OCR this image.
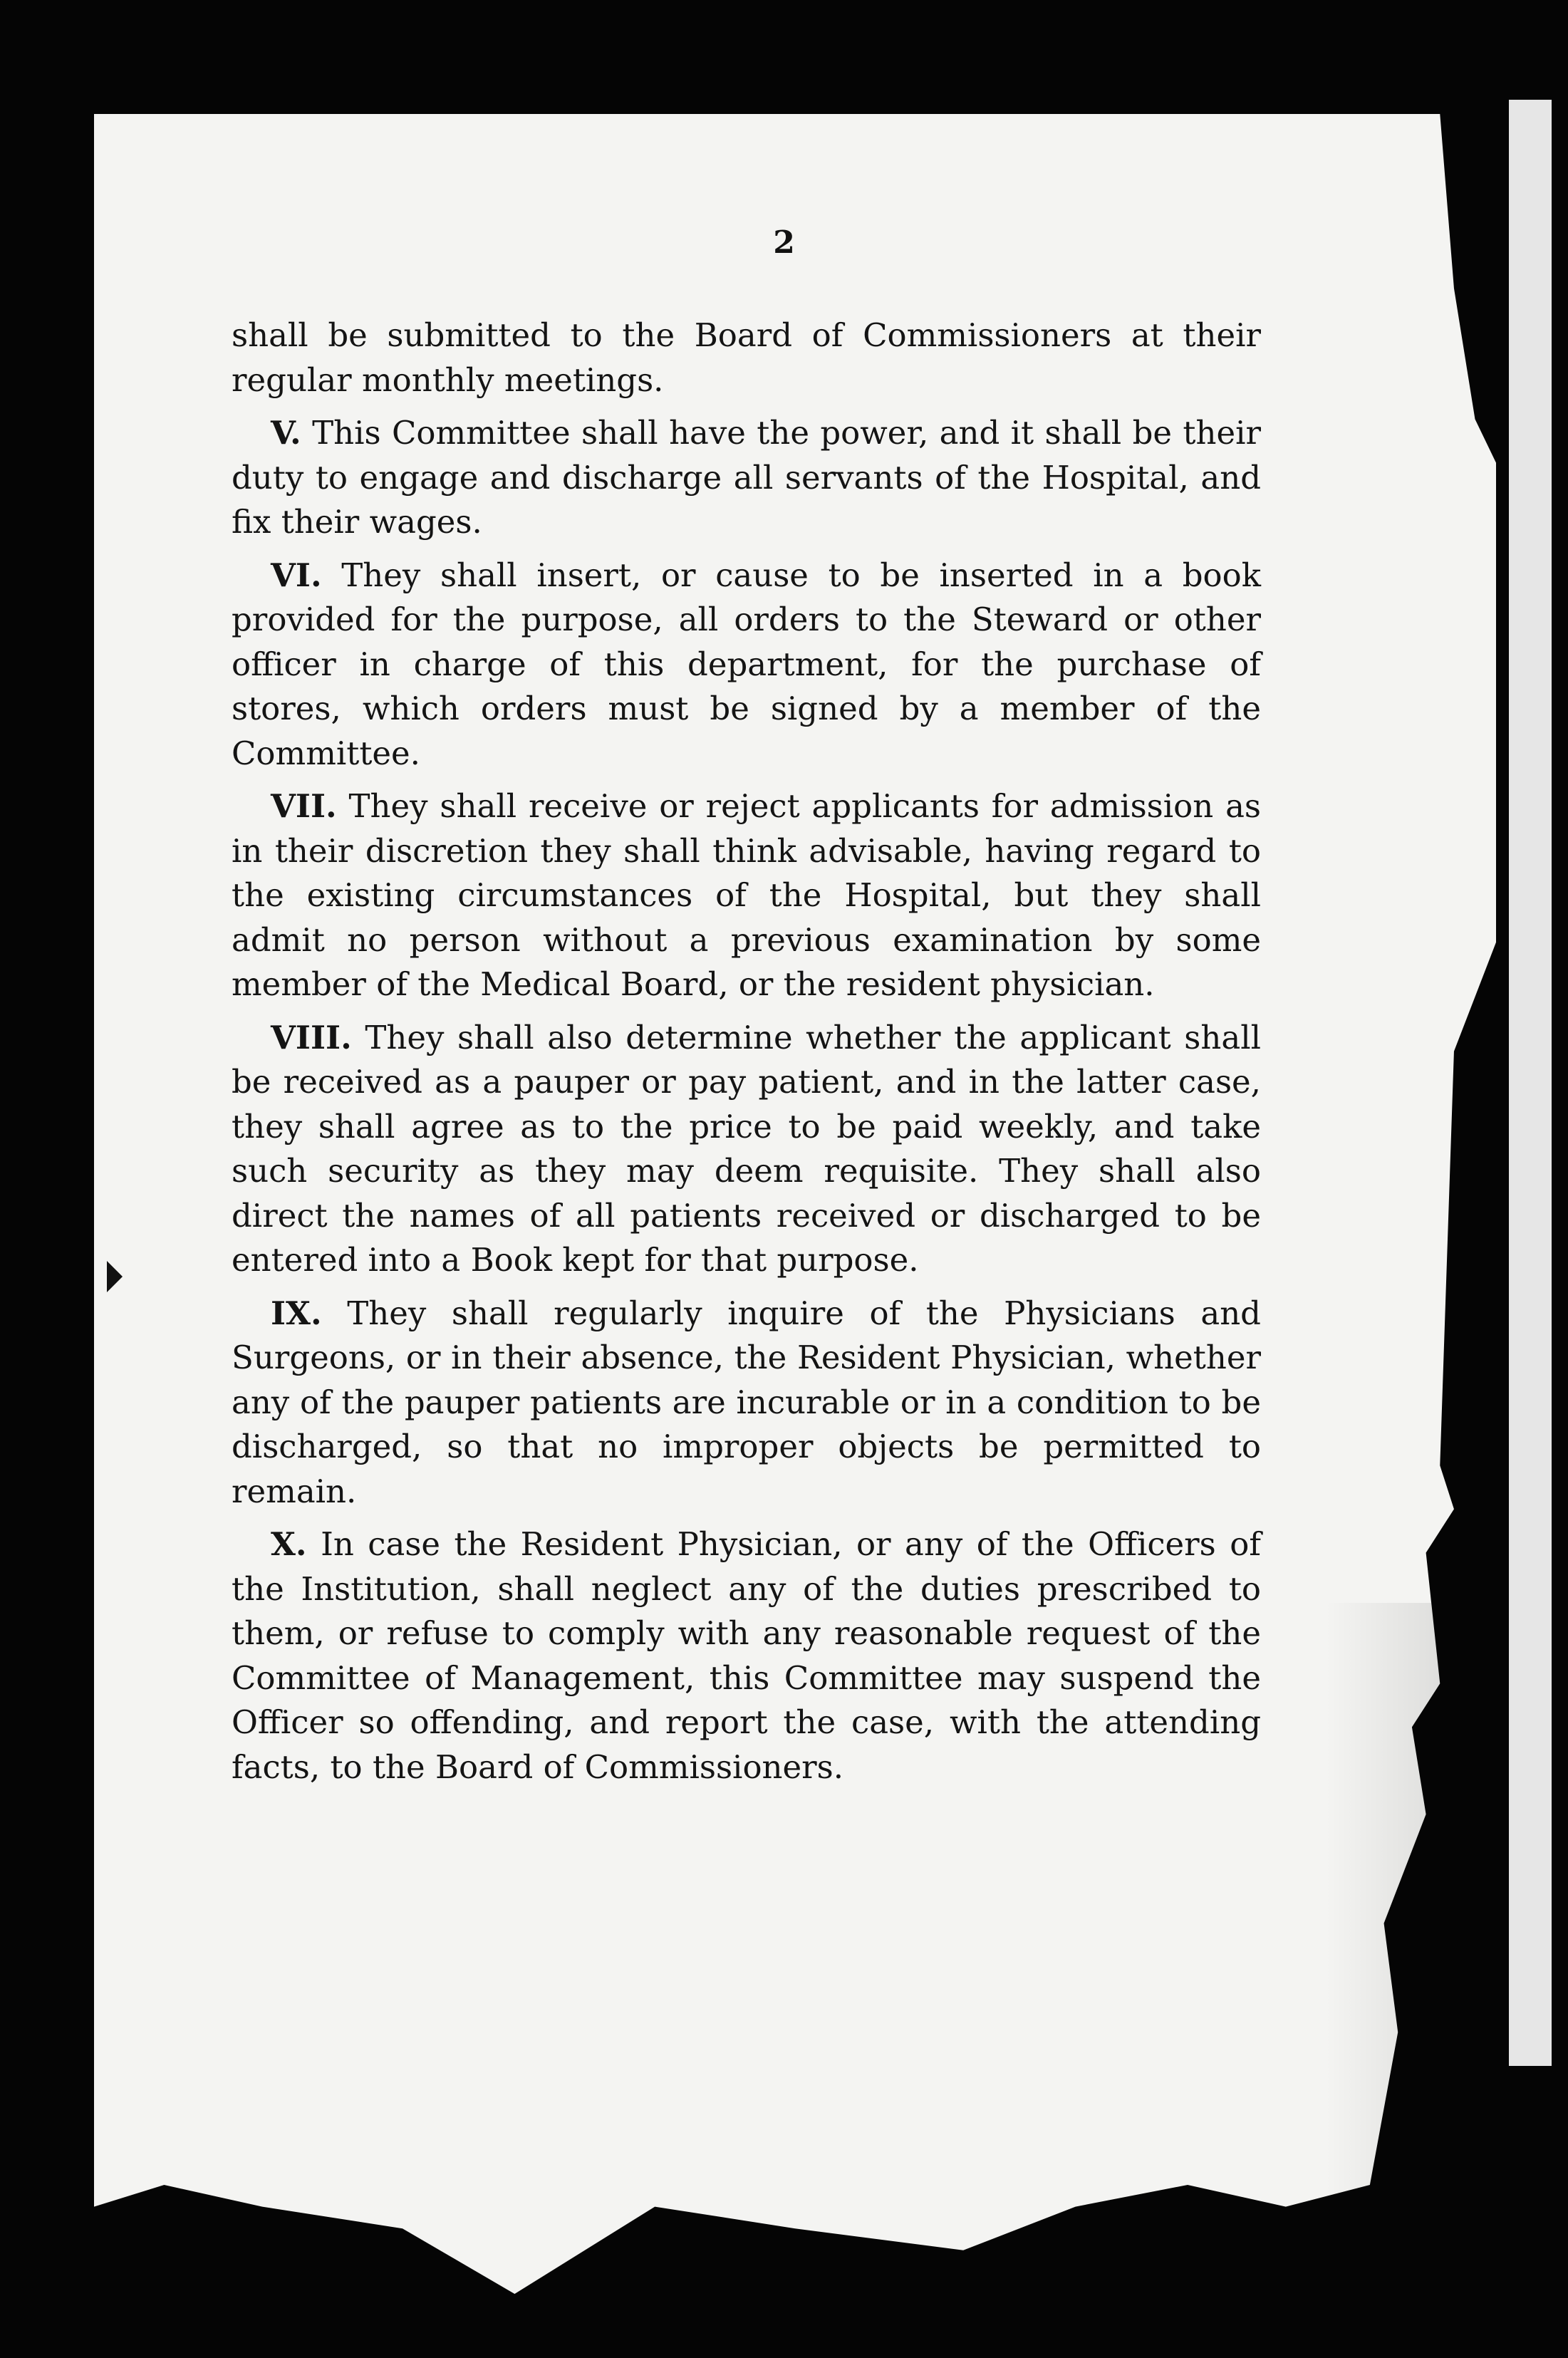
2

shall be submitted to the Board of Commissioners at their regular monthly meetings.

V. This Committee shall have the power, and it shall be their duty to engage and discharge all servants of the Hospital, and fix their wages.

VI. They shall insert, or cause to be inserted in a book provided for the purpose, all orders to the Steward or other officer in charge of this department, for the purchase of stores, which orders must be signed by a member of the Committee.

VII. They shall receive or reject applicants for admission as in their discretion they shall think advisable, having regard to the existing circumstances of the Hospital, but they shall admit no person without a previous examination by some member of the Medical Board, or the resident physician.

VIII. They shall also determine whether the applicant shall be received as a pauper or pay patient, and in the latter case, they shall agree as to the price to be paid weekly, and take such security as they may deem requisite. They shall also direct the names of all patients received or discharged to be entered into a Book kept for that purpose.

IX. They shall regularly inquire of the Physicians and Surgeons, or in their absence, the Resident Physician, whether any of the pauper patients are incurable or in a condition to be discharged, so that no improper objects be permitted to remain.

X. In case the Resident Physician, or any of the Officers of the Institution, shall neglect any of the duties prescribed to them, or refuse to comply with any reasonable request of the Committee of Management, this Committee may suspend the Officer so offending, and report the case, with the attending facts, to the Board of Commissioners.
